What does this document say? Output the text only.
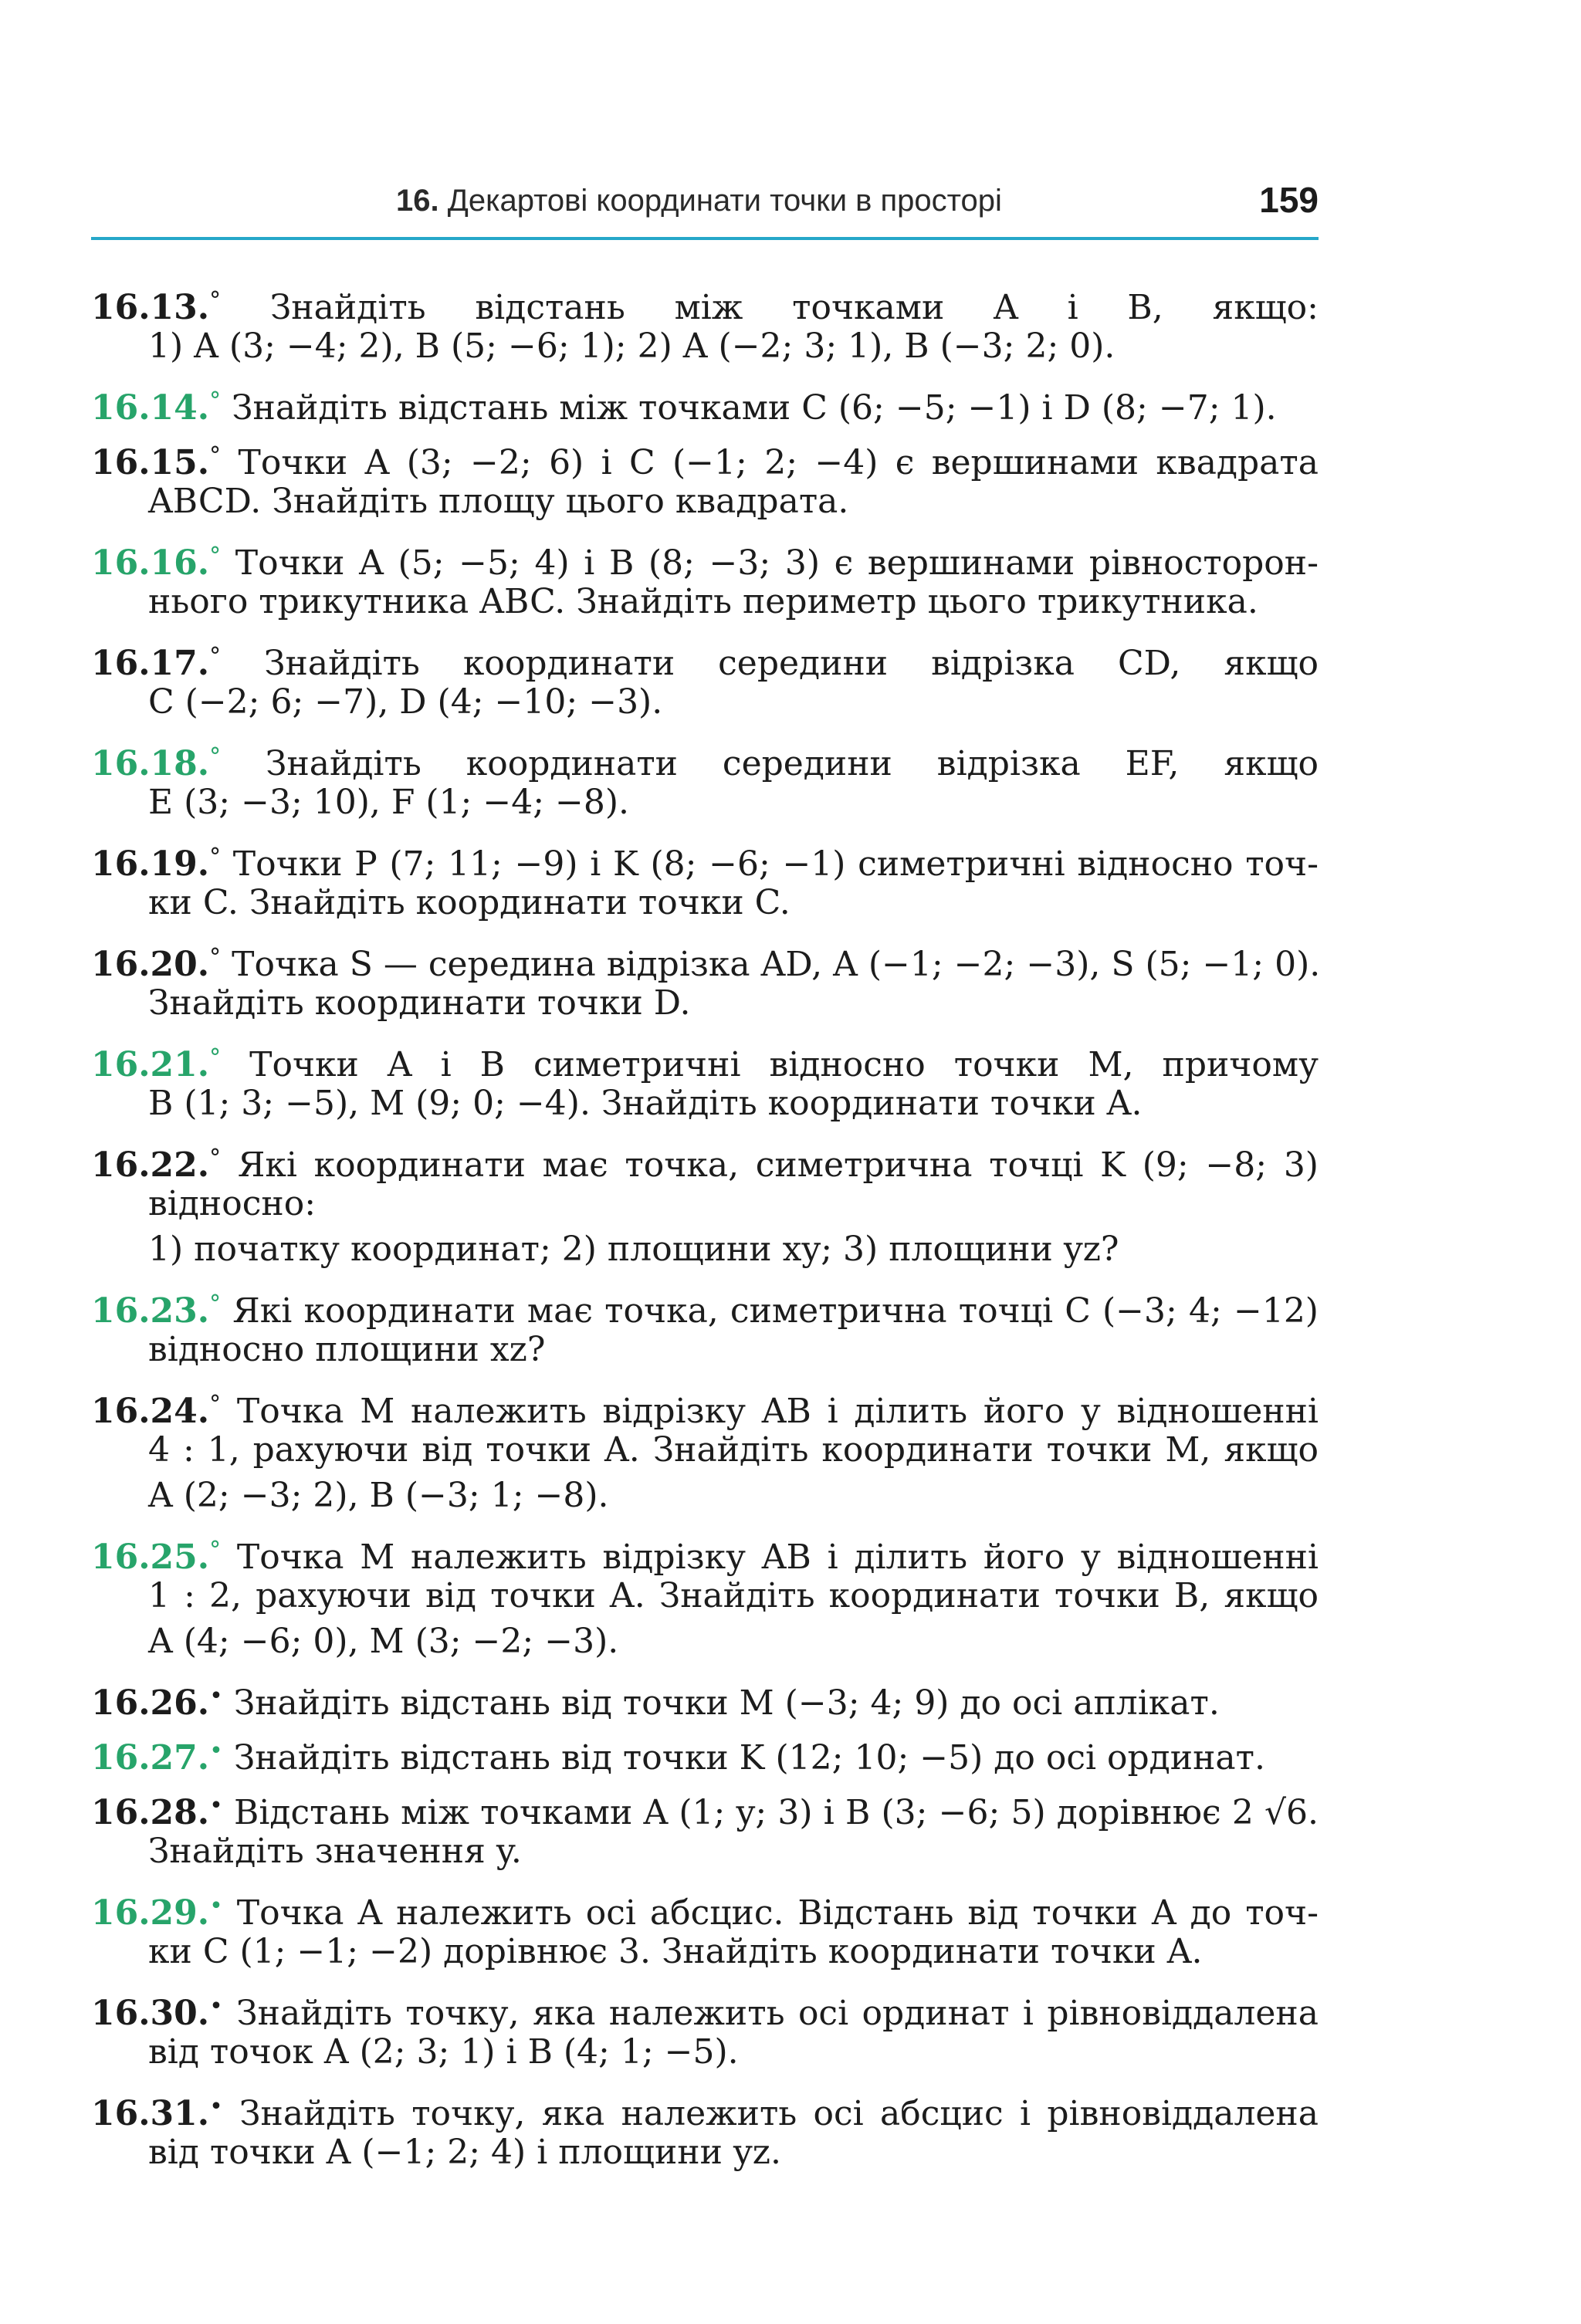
16. Декартові координати точки в просторі	159
16.13.° Знайдіть відстань між точками A і B, якщо:
1) A (3; −4; 2), B (5; −6; 1); 2) A (−2; 3; 1), B (−3; 2; 0).
16.14.° Знайдіть відстань між точками C (6; −5; −1) і D (8; −7; 1).
16.15.° Точки A (3; −2; 6) і C (−1; 2; −4) є вершинами квадрата
ABCD. Знайдіть площу цього квадрата.
16.16.° Точки A (5; −5; 4) і B (8; −3; 3) є вершинами рівносторон-
нього трикутника ABC. Знайдіть периметр цього трикутника.
16.17.° Знайдіть координати середини відрізка CD, якщо
C (−2; 6; −7), D (4; −10; −3).
16.18.° Знайдіть координати середини відрізка EF, якщо
E (3; −3; 10), F (1; −4; −8).
16.19.° Точки P (7; 11; −9) і K (8; −6; −1) симетричні відносно точ-
ки C. Знайдіть координати точки C.
16.20.° Точка S — середина відрізка AD, A (−1; −2; −3), S (5; −1; 0).
Знайдіть координати точки D.
16.21.° Точки A і B симетричні відносно точки M, причому
B (1; 3; −5), M (9; 0; −4). Знайдіть координати точки A.
16.22.° Які координати має точка, симетрична точці K (9; −8; 3)
відносно:
1) початку координат; 2) площини xy; 3) площини yz?
16.23.° Які координати має точка, симетрична точці C (−3; 4; −12)
відносно площини xz?
16.24.° Точка M належить відрізку AB і ділить його у відношенні
4 : 1, рахуючи від точки A. Знайдіть координати точки M, якщо
A (2; −3; 2), B (−3; 1; −8).
16.25.° Точка M належить відрізку AB і ділить його у відношенні
1 : 2, рахуючи від точки A. Знайдіть координати точки B, якщо
A (4; −6; 0), M (3; −2; −3).
16.26.• Знайдіть відстань від точки M (−3; 4; 9) до осі аплікат.
16.27.• Знайдіть відстань від точки K (12; 10; −5) до осі ординат.
16.28.• Відстань між точками A (1; y; 3) і B (3; −6; 5) дорівнює 2 √6.
Знайдіть значення y.
16.29.• Точка A належить осі абсцис. Відстань від точки A до точ-
ки C (1; −1; −2) дорівнює 3. Знайдіть координати точки A.
16.30.• Знайдіть точку, яка належить осі ординат і рівновіддалена
від точок A (2; 3; 1) і B (4; 1; −5).
16.31.• Знайдіть точку, яка належить осі абсцис і рівновіддалена
від точки A (−1; 2; 4) і площини yz.
